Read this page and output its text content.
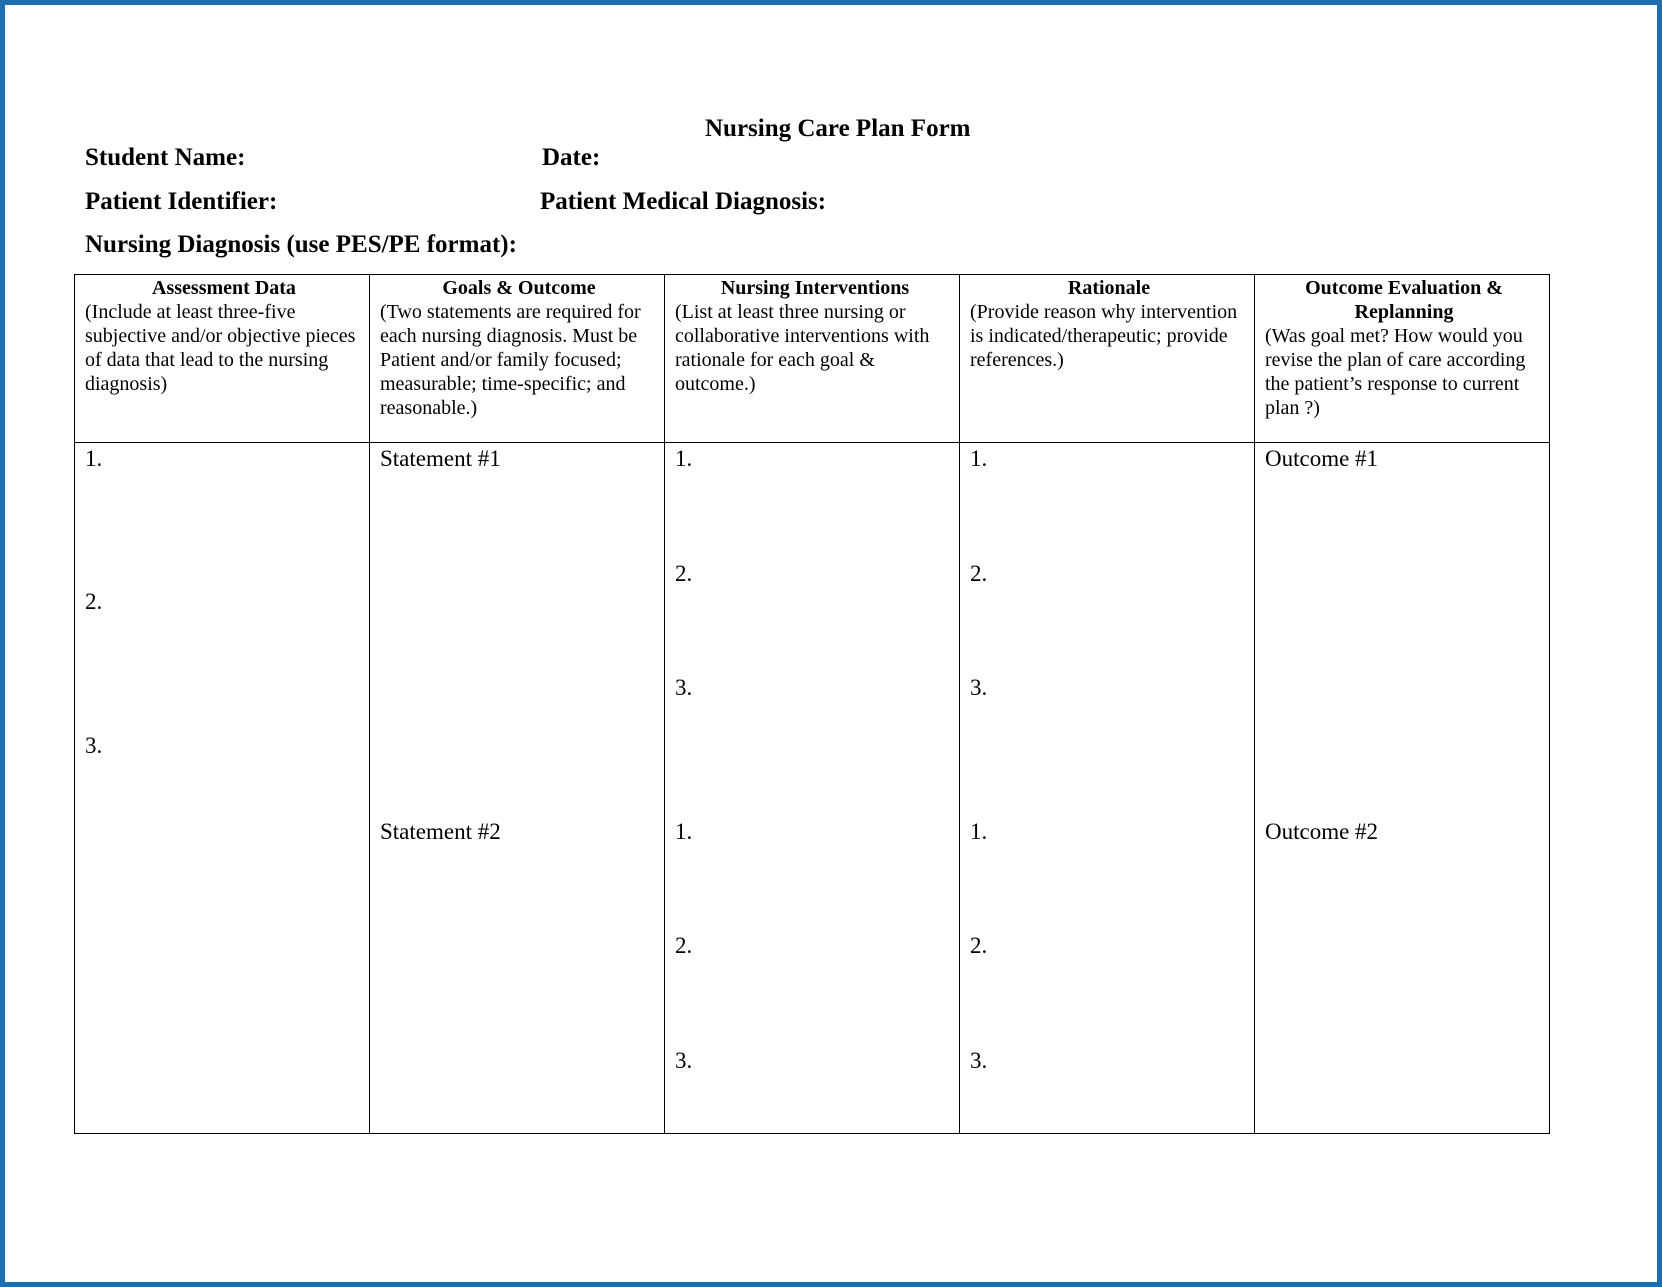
Nursing Care Plan Form
Student Name:	Date:
Patient Identifier:	Patient Medical Diagnosis:
Nursing Diagnosis (use PES/PE format):
Assessment Data
(Include at least three-five subjective and/or objective pieces of data that lead to the nursing diagnosis)
Goals & Outcome
(Two statements are required for each nursing diagnosis. Must be Patient and/or family focused; measurable; time-specific; and reasonable.)
Nursing Interventions
(List at least three nursing or collaborative interventions with rationale for each goal & outcome.)
Rationale
(Provide reason why intervention is indicated/therapeutic; provide references.)
Outcome Evaluation & Replanning
(Was goal met? How would you revise the plan of care according the patient’s response to current plan ?)
1.
2.
3.
Statement #1
Statement #2
1.
2.
3.
1.
2.
3.
1.
2.
3.
1.
2.
3.
Outcome #1
Outcome #2
